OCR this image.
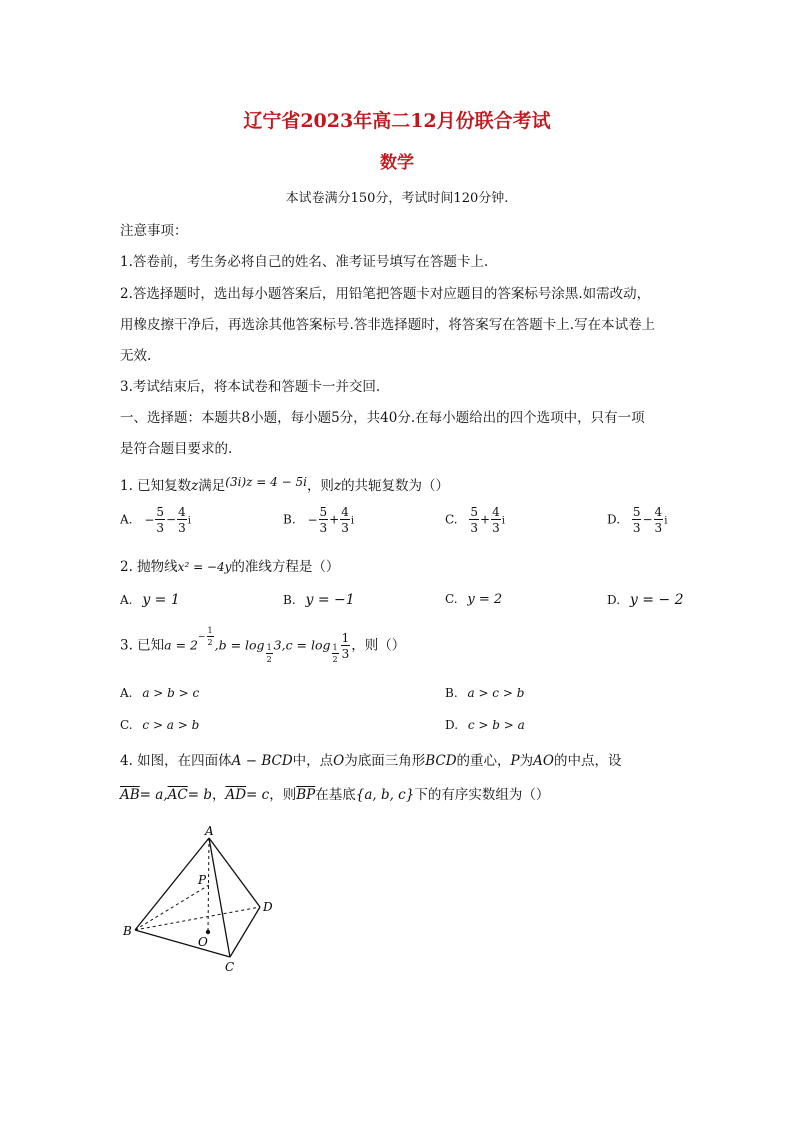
辽宁省2023年高二12月份联合考试
数学
本试卷满分150分，考试时间120分钟.
注意事项：
1.答卷前，考生务必将自己的姓名、准考证号填写在答题卡上.
2.答选择题时，选出每小题答案后，用铅笔把答题卡对应题目的答案标号涂黑.如需改动，
用橡皮擦干净后，再选涂其他答案标号.答非选择题时，将答案写在答题卡上.写在本试卷上
无效.
3.考试结束后，将本试卷和答题卡一并交回.
一、选择题：本题共8小题，每小题5分，共40分.在每小题给出的四个选项中，只有一项
是符合题目要求的.
1. 已知复数z满足(3i)z = 4 − 5i，则z的共轭复数为（）
A. − $\frac{5}{3} - \frac{4}{3}$ i	B. − $\frac{5}{3} + \frac{4}{3}$ i	C. $\frac{5}{3} + \frac{4}{3}$ i	D. $\frac{5}{3} - \frac{4}{3}$ i
2. 抛物线x² = −4y的准线方程是（）
A. y = 1	B. y = −1	C. y = 2	D. y = − 2
3. 已知$a = 2- \frac{1}{2} ,b = \log \frac{1}{2} 3,c = \log \frac{1}{2} \frac{1}{3}$ ，则（）
A. a > b > c	B. a > c > b
C. c > a > b	D. c > b > a
4. 如图，在四面体A − BCD中，点O为底面三角形BCD的重心，P为AO的中点，设
$\overline{AB}= a,\overline{AC}= b$，$\overline{AD}= c$，则$\overline{BP}$在基底{a, b, c}下的有序实数组为（）
A
B
C
D
O
P
